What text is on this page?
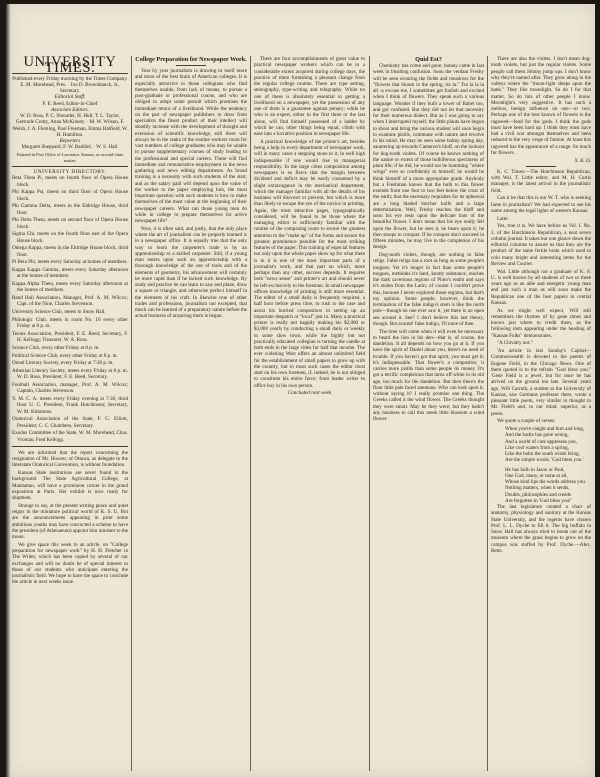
UNIVERSITY TIMES.
Published every Friday morning by the Times Company.
E. M. Morehead, Pres. · Jno D. Brownbanck, Jr., Secretary.
Editorial Staff.
F. E. Reed, Editor-in-Chief
Associate Editors.
W. D. Ross, P. C. Shroader, H. Hull, T. L. Taylor, Gertrude Crotty, Anna McKinney. · M. W. Wilson, F. Welsh, J. A. Fleming, Paul Freeman, Emma Hatfield, W. H. Hamilton.
Reporters
Margaret Sheppard, F. W. Baddiel, · W. S. Hall.
Entered in Post Office of Lawrence, Kansas, as second-class matter.
UNIVERSITY DIRECTORY.

Beta Theta Pi, meets on fourth floor of Opera House block.

Phi Kappa Psi, meets on third floor of Opera House block.

Phi Gamma Delta, meets in the Eldridge House, third floor.

Phi Delta Theta, meets on second floor of Opera House block.

Sigma Chi, meets on the fourth floor east of the Opera House block.

Omega Kappa, meets in the Eldridge House block, third floor.

Pi Beta Phi, meets every Saturday at homes of members.

Kappa Kappa Gamma, meets every Saturday afternoon at the homes of members.

Kappa Alpha Theta, meets every Saturday afternoon at the homes of members.

Band Hall Association, Manager, Prof. A. M. Wilcox; Capt. of the Nine, Charles Stevenson.

University Science Club, meets in Snow Hall.

Philologic Club, meets in room No. 10 every other Friday at 8 p. m.

Tennis Association, President, F. E. Reed; Secretary, F. H. Kellogg; Treasurer, W. A. Ross.

Science Club, every other Friday at 8 p. m.

Political Science Club, every other Friday at 8 p. m.

Oread Literary Society, every Friday at 7:30 p. m.

Athenian Literary Society, meets every Friday at 8 p. m. W. D. Ross, President; F. E. Reed, Secretary.

Football Association, manager, Prof. A. M. Wilcox; Captain, Charles Stevenson.

Y. M. C. A. meets every Friday evening at 7:30, third floor U. C. President, Frank Hutchinson; Secretary, W. M. Kimmons.

Oratorical Association of the State, F. G. Elliott, President; C. C. Chambers, Secretary.

Exodus Committee of the State, W. M. Morehead, Chas. Vroman, Fred Kellogg.

We are informed that the report concerning the resignation of Mr. Hoover, of Ottawa, as delegate to the Interstate Oratorical Convention, is without foundation.

Kansas State institutions are never found in the background. The State Agricultural College, at Manhattan, will have a prominent corner in the grand exposition at Paris. Her exhibit is now ready for shipment.

Strange to say, at the present writing peace and quiet reigns in the miniature political world of K. S. U. But are the announcements appearing in print some ambitious youths may have concocted a scheme to have the president (of Athenaeum) appoint him minister to the moon.

We give space this week to an article, on "College preparation for newspaper work" by H. H. Fletcher in The Writer, which has been copied by several of our exchanges and will no doubt be of special interest to those of our students who anticipate entering the journalistic field. We hope to have the space to conclude the article in next weeks issue.

College Preparation for Newspaper Work.

Year by year journalism is drawing to itself more and more of the best brain of American colleges. It is especially attractive to those collegians who find themselves unable, from lack of means, to pursue a post-graduate or professional course, and who are obliged to adopt some pursuit which promises the immediate return of a livelihood. While the tendency on the part of newspaper publishers to draw from specialists the finest product of their intellect will steadily increase with the development of thought and extension of scientific knowledge, still there will always be in the ranks of the routine workers room for vast numbers of college graduates who may be unable to pursue supplementary courses of study leading to the professional and special careers. These will find immediate and remunerative employment in the news gathering and news editing departments. As broad training is a necessity with such students of the start, and as the salary paid will depend upon the value of the worker to the paper employing him, the most important question with such students is how to make themselves of the most value at the beginning of their newspaper careers. What can those young men do while in college to prepare themselves for active newspaper life?

Now, it is often said, and justly, that the only place where the art of journalism can be properly learned is in a newspaper office. It is equally true that the only way to learn the carpenter's trade is by an apprenticeship to a skilled carpenter. Still, if a young man enters upon such an apprenticeship with a thorough knowledge of the use of tools and of the elements of geometry, his advancement will certainly be more rapid than if he lacked such knowledge. By study and practice he can learn to saw and plane, draw a square or triangle, and otherwise perfect himself in the elements of his craft. In likewise true of other trades and professions, journalism not excepted, that much can be learned of a preparatory nature before the actual business of acquiring them is begun.

There are four accomplishments of great value to practical newspaper workers which can be to a considerable extent acquired during college days, the practice of them furnishing a pleasant change from the regular college routine. These are type setting, stenography, type-writing and telegraphy. While no one of these is absolutely essential to getting a livelihood on a newspaper, yet the possession of any one of them is a guarantee against penury; while he who is an expert, either in the first three or the last alone, will find himself possessed of a ladder by which he can, other things being equal, climb with ease into a lucrative position in newspaper life.

A practical knowledge of the printer's art, besides being a help in every department of newspaper work, will in many cases a stepping stone to it, in well high indispensable if one would rise to managerial responsibility. In the large cities composition among newspapers is so fierce that the margin between dividend and deficit may be easily consumed by a slight extravagance in the mechanical department, which the manager familiar with all the details of his business will discover or prevent, but which is more than likely to escape the eye of the novice in printing. Again, the most attractive pages, typographically considered, will be found to be those where the managing editor is sufficiently familiar with the routine of the composing room to secure the greatest attention to the "make up" of the forms and secure the greatest prominence possible for the most striking features of the paper. This training of especial features not only upon the whole paper show up for what there is in it is one of the most important parts of a journalist's work, and that part on which, more perhaps than any other, success depends. It requires both "news sense" and printer's art and should never be left exclusively to the foreman. In small newspaper offices knowledge of printing is still more essential. The editor of a small daily is frequently required, a half hour before press time, to rush to the case and assist his hurried compositors in setting up an important despatch or "local" just in. Many a practical printer is really not happily making his $2,000 or $3,000 yearly by conducting a small daily or weekly in some slow town, while the highly but not practically educated collegian is turning the candle at both ends in the large cities for half that income. The ever widening West offers an almost unlimited field for the establishment of small papers to grow up with the country, but in most such cases the editor must start on his own foremen, if, indeed, he is not obliged to constitute his entire force, from leader writer to office boy in his own person.

Concluded next week

Quid Est?

Chemistry has come and gone; botany came in last week in blushing confusion. Soon the verdant Freshy will be seen scouring the fields and meadows for the "flowers that bloom in the spring, tra la." Tra la la la all -a excuse me, I sometimes get foolish and excited when I think of flowers. They speak such a various language. Wonder if they built a tower of Babel too, and got confused. But they did not let that necessity for their numerous dialect. But as I was going to say when I interrupted myself, the little plants have begun to shoot and bring the various student will soon begin to examine pistils, commune with nature and revolve in his mind. He may be seen some balmy spring day, sauntering up towards Cameron's bluff, on the lookout for dog-tooth violets. Of course he knows nothing of the nature or extent of those bulbiferous specimens of plant life; if he did, he would not be humming "where wings" ever so confidently to himself; he would be think himself of a more appropriate grade. Anybody but a Freshman knows that the bulb to this flower extends from one foot to two feet below the crust of the earth; that the necessary requisites for its upheaval are a long bladed butcher knife and a large determination. Well, Freshy reaches the bluff and soon his eye rests upon the delicate tints of the beautiful flower. I don't mean that his eye really fell upon the flower, but he sees it, he bears upon it; he then stoops to conquer. If he conquer don't succeed in fifteen minutes, he may live to the completion of his design.

Dog-tooth violets, though, are nothing to false religs. False religs has a root as long as some people's tongues. Yet it's longer in fact than some people's tongues, methinks it's hard, knotty substance, reaches the dark cavernous regions of Pluto's realm and says it's stolen from the Latin; of course I couldn't prove this, because I never explored those regions, but that's my opinion. Some people, however, think the termination of the false indigo's stem is like the north pole—though no one ever saw it, yet there is no open sea around it. See? I don't believe this last theory, though. But avaunt! false indigo, I'll none of thee.

The time will come when it will even be necessary to beard the lion in his den—that is, of course, the dandelion. It all depends on how you go at it. If you have the spirit of Daniel about you, there's no need of trouble. If you haven't got that spirit, you must get it; it's indispensable. That flower's a compositor; it carries more pistils than some people do money. It's got a terrific complexion that turns off white in its old age, too much for the dandelion. But then there's the flour little pale faced anemone. Who can look upon it, without saying it? I really promise one thing. The Greeks called it the wind flower. The Greeks thought they were smart. May be they were; but they hadn't any business to call this meek little blossom a wind flower.

There are also the violets. I don't mean dog-tooth violets, but just the regular violets. Some people call them Johnny jump ups. I don't know why they're named after. They grow along in the valleys where the "moon-light sleeps upon the bank." They like moonlight. So do I for that matter. So do lots of other people I know. Moonlight's very suggestive. It has such a mellow, benign influence on one—or two. Perhaps one of the best known of flowers is the ragweed—food for the gods. I think the gods must have been hard up. I think they must have had a civil war amongst themselves and been reduced to the very verge of famine. At least this ragweed has the appearance of a range. So much for flowers.

X. K. O.

K. C. Times:—The Hutchinson Republican, with Wal. T. Little editor, and M. H. Curtis manager, is the latest arrival in the journalistic field.

Can it be that this is our W. T. who is seeking fame in journalism? We had expected to see his name among the legal lights of western Kansas.

Later.

Yes, true it is. We have before us Vol. I. No. 2, of the Hutchinson Republican, a neat seven column journal. It takes but one glance down the editorial columns to assure us that they are the product of the same fertile brain which used to coin many bright and interesting items for the Review and Courier.

Wal. Little although not a graduate of K. S. U. is well known by all students of two or three years ago as an able and energetic young man and just such a man as will soon make the Republican one of the best papers in central Kansas.

As we might well expect, Will still remembers the rhymes of by gone times and knows just where to credit them, as the following item appearing under the heading of "Kansas Folks" demonstrates.

"A Chivalry not."

'An article in last Sunday's Capital—Commonwealth is devoted to the poems of Eugene Field, in the Chicago News. One of them quoted is to the refrain "God bless you." 'Gene Field is a jewel, but for once he has arrived on the ground too late. Several years ago, Will Carruth, a student at the University of Kansas, saw Germans professor there, wrote a pleasant little poem, very similar in thought to Mr. Field's and, to our mind, superior, as a poem.

We quote a couple of verses:

When you're caught and hurt and long,
And the battle has gone wrong,
And a world of care oppresses you,
Like cool waters from a spring,
Like the balm the south winds bring,
Are the simple words, 'God bless you.'
He has faith in Jason or Paul,
One God, many, or none at all,
Whose kind lips the words address you
Nothing matters, when it sends,
Doubts, philosophies and creeds
Are forgotten in 'God bless you!'

The last legislature created a chair of anatomy, physiology and sanitary at the Kansas State University, and the regents have chosen Prof. L. L. Dyche to fill it. The big buffalo in Snow Hall has always tried to break out of the museum where the grass begins to grow on the campus was stuffed by Prof. Dyche.—Alex. Betts.
